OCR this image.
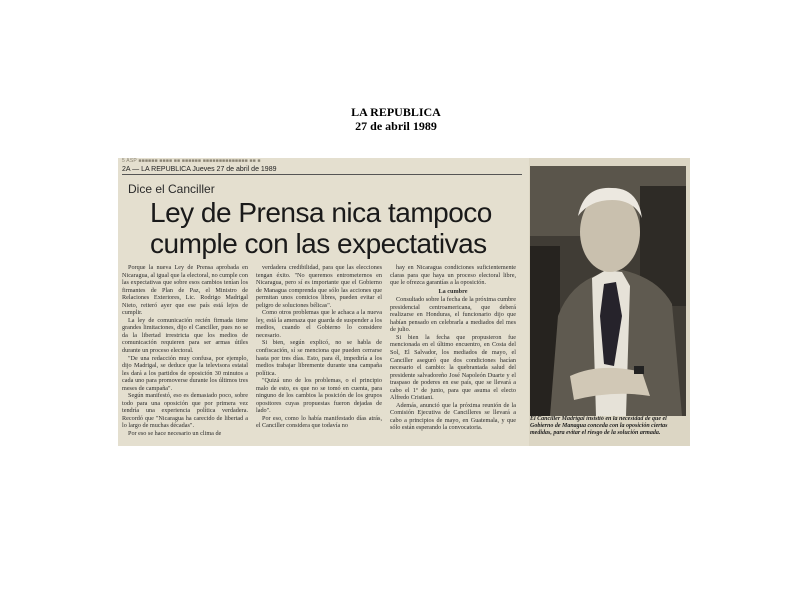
LA REPUBLICA
27 de abril 1989
5 ASP ■■■■■■ ■■■■ ■■ ■■■■■■ ■■■■■■■■■■■■■■ ■■ ■
2A — LA REPUBLICA Jueves 27 de abril de 1989
Dice el Canciller
Ley de Prensa nica tampoco cumple con las expectativas

Porque la nueva Ley de Prensa aprobada en Nicaragua, al igual que la electoral, no cumple con las expectativas que sobre esos cambios tenían los firmantes de Plan de Paz, el Ministro de Relaciones Exteriores, Lic. Rodrigo Madrigal Nieto, reiteró ayer que ese país está lejos de cumplir.

La ley de comunicación recién firmada tiene grandes limitaciones, dijo el Canciller, pues no se da la libertad irrestricta que los medios de comunicación requieren para ser armas útiles durante un proceso electoral.

"De una redacción muy confusa, por ejemplo, dijo Madrigal, se deduce que la televisora estatal les dará a los partidos de oposición 30 minutos a cada uno para promoverse durante los últimos tres meses de campaña".

Según manifestó, eso es demasiado poco, sobre todo para una oposición que por primera vez tendría una experiencia política verdadera. Recordó que "Nicaragua ha carecido de libertad a lo largo de muchas décadas".

Por eso se hace necesario un clima de

verdadera credibilidad, para que las elecciones tengan éxito. "No queremos entrometernos en Nicaragua, pero sí es importante que el Gobierno de Managua comprenda que sólo las acciones que permitan unos comicios libres, pueden evitar el peligro de soluciones bélicas".

Como otros problemas que le achaca a la nueva ley, está la amenaza que guarda de suspender a los medios, cuando el Gobierno lo considere necesario.

Si bien, según explicó, no se habla de confiscación, sí se menciona que pueden cerrarse hasta por tres días. Esto, para él, impediría a los medios trabajar libremente durante una campaña política.

"Quizá uno de los problemas, o el principio malo de esto, es que no se tomó en cuenta, para ninguno de los cambios la posición de los grupos opositores cuyas propuestas fueron dejadas de lado".

Por eso, como lo había manifestado días atrás, el Canciller considera que todavía no

hay en Nicaragua condiciones suficientemente claras para que haya un proceso electoral libre, que le ofrezca garantías a la oposición.

La cumbre

Consultado sobre la fecha de la próxima cumbre presidencial centroamericana, que deberá realizarse en Honduras, el funcionario dijo que habían pensado en celebrarla a mediados del mes de julio.

Si bien la fecha que propusieron fue mencionada en el último encuentro, en Costa del Sol, El Salvador, los mediados de mayo, el Canciller aseguró que dos condiciones hacían necesario el cambio: la quebrantada salud del presidente salvadoreño José Napoleón Duarte y el traspaso de poderes en ese país, que se llevará a cabo el 1º de junio, para que asuma el electo Alfredo Cristiani.

Además, anunció que la próxima reunión de la Comisión Ejecutiva de Cancilleres se llevará a cabo a principios de mayo, en Guatemala, y que sólo están esperando la convocatoria.

El Canciller Madrigal insistió en la necesidad de que el Gobierno de Managua conceda con la oposición ciertas medidas, para evitar el riesgo de la solución armada.
